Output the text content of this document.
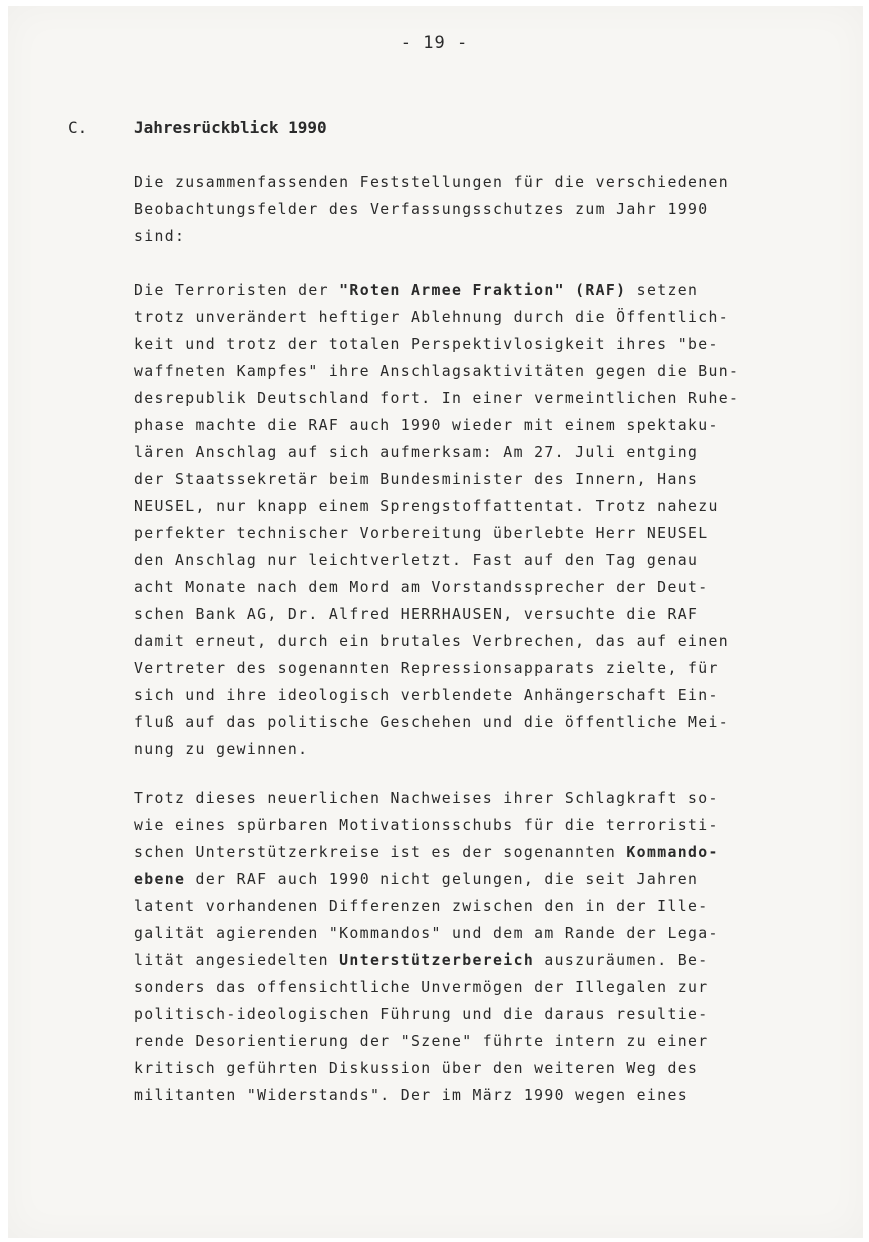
- 19 -
C.	Jahresrückblick 1990
Die zusammenfassenden Feststellungen für die verschiedenen
Beobachtungsfelder des Verfassungsschutzes zum Jahr 1990
sind:
Die Terroristen der "Roten Armee Fraktion" (RAF) setzen
trotz unverändert heftiger Ablehnung durch die Öffentlich-
keit und trotz der totalen Perspektivlosigkeit ihres "be-
waffneten Kampfes" ihre Anschlagsaktivitäten gegen die Bun-
desrepublik Deutschland fort. In einer vermeintlichen Ruhe-
phase machte die RAF auch 1990 wieder mit einem spektaku-
lären Anschlag auf sich aufmerksam: Am 27. Juli entging
der Staatssekretär beim Bundesminister des Innern, Hans
NEUSEL, nur knapp einem Sprengstoffattentat. Trotz nahezu
perfekter technischer Vorbereitung überlebte Herr NEUSEL
den Anschlag nur leichtverletzt. Fast auf den Tag genau
acht Monate nach dem Mord am Vorstandssprecher der Deut-
schen Bank AG, Dr. Alfred HERRHAUSEN, versuchte die RAF
damit erneut, durch ein brutales Verbrechen, das auf einen
Vertreter des sogenannten Repressionsapparats zielte, für
sich und ihre ideologisch verblendete Anhängerschaft Ein-
fluß auf das politische Geschehen und die öffentliche Mei-
nung zu gewinnen.
Trotz dieses neuerlichen Nachweises ihrer Schlagkraft so-
wie eines spürbaren Motivationsschubs für die terroristi-
schen Unterstützerkreise ist es der sogenannten Kommando-
ebene der RAF auch 1990 nicht gelungen, die seit Jahren
latent vorhandenen Differenzen zwischen den in der Ille-
galität agierenden "Kommandos" und dem am Rande der Lega-
lität angesiedelten Unterstützerbereich auszuräumen. Be-
sonders das offensichtliche Unvermögen der Illegalen zur
politisch-ideologischen Führung und die daraus resultie-
rende Desorientierung der "Szene" führte intern zu einer
kritisch geführten Diskussion über den weiteren Weg des
militanten "Widerstands". Der im März 1990 wegen eines
